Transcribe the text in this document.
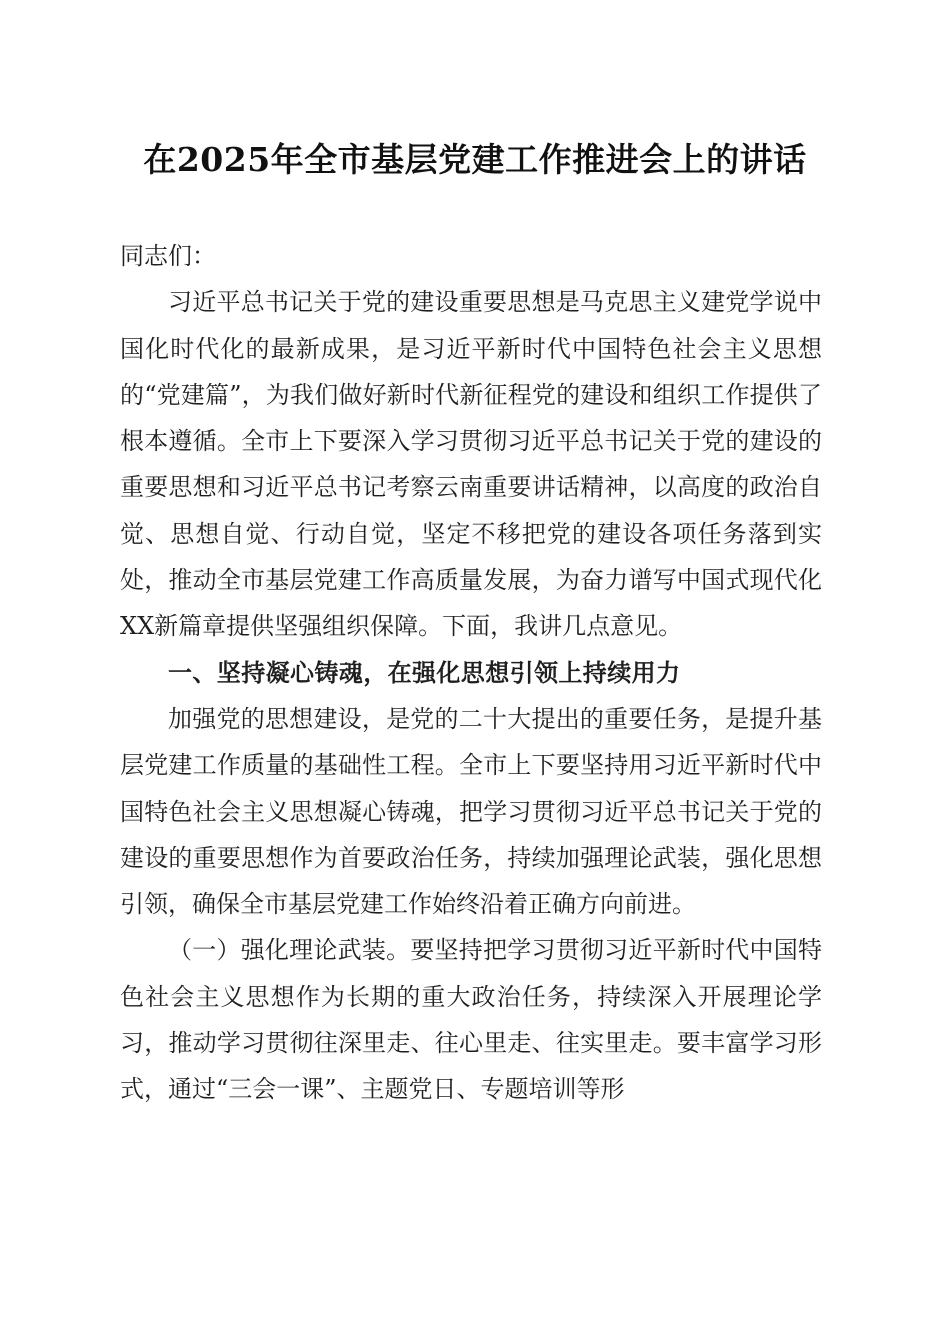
在2025年全市基层党建工作推进会上的讲话

同志们：

习近平总书记关于党的建设重要思想是马克思主义建党学说中国化时代化的最新成果，是习近平新时代中国特色社会主义思想的“党建篇”，为我们做好新时代新征程党的建设和组织工作提供了根本遵循。全市上下要深入学习贯彻习近平总书记关于党的建设的重要思想和习近平总书记考察云南重要讲话精神，以高度的政治自觉、思想自觉、行动自觉，坚定不移把党的建设各项任务落到实处，推动全市基层党建工作高质量发展，为奋力谱写中国式现代化XX新篇章提供坚强组织保障。下面，我讲几点意见。

一、坚持凝心铸魂，在强化思想引领上持续用力

加强党的思想建设，是党的二十大提出的重要任务，是提升基层党建工作质量的基础性工程。全市上下要坚持用习近平新时代中国特色社会主义思想凝心铸魂，把学习贯彻习近平总书记关于党的建设的重要思想作为首要政治任务，持续加强理论武装，强化思想引领，确保全市基层党建工作始终沿着正确方向前进。

（一）强化理论武装。要坚持把学习贯彻习近平新时代中国特色社会主义思想作为长期的重大政治任务，持续深入开展理论学习，推动学习贯彻往深里走、往心里走、往实里走。要丰富学习形式，通过“三会一课”、主题党日、专题培训等形
